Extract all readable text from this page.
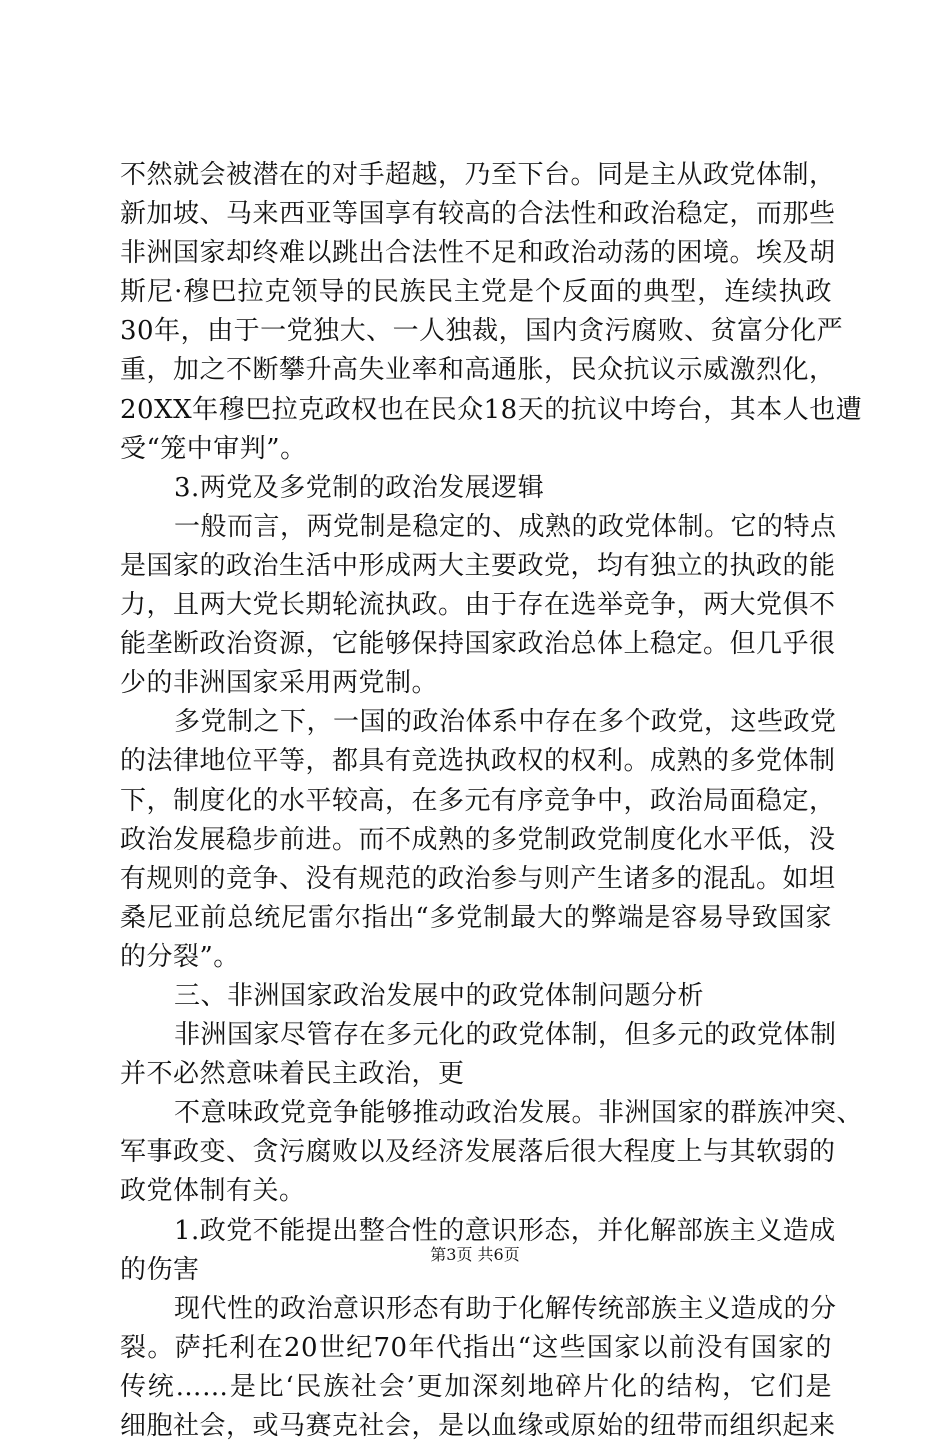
不然就会被潜在的对手超越，乃至下台。同是主从政党体制，
新加坡、马来西亚等国享有较高的合法性和政治稳定，而那些
非洲国家却终难以跳出合法性不足和政治动荡的困境。埃及胡
斯尼·穆巴拉克领导的民族民主党是个反面的典型，连续执政
30年，由于一党独大、一人独裁，国内贪污腐败、贫富分化严
重，加之不断攀升高失业率和高通胀，民众抗议示威激烈化，
20XX年穆巴拉克政权也在民众18天的抗议中垮台，其本人也遭
受“笼中审判”。
3.两党及多党制的政治发展逻辑
一般而言，两党制是稳定的、成熟的政党体制。它的特点
是国家的政治生活中形成两大主要政党，均有独立的执政的能
力，且两大党长期轮流执政。由于存在选举竞争，两大党俱不
能垄断政治资源，它能够保持国家政治总体上稳定。但几乎很
少的非洲国家采用两党制。
多党制之下，一国的政治体系中存在多个政党，这些政党
的法律地位平等，都具有竞选执政权的权利。成熟的多党体制
下，制度化的水平较高，在多元有序竞争中，政治局面稳定，
政治发展稳步前进。而不成熟的多党制政党制度化水平低，没
有规则的竞争、没有规范的政治参与则产生诸多的混乱。如坦
桑尼亚前总统尼雷尔指出“多党制最大的弊端是容易导致国家
的分裂”。
三、非洲国家政治发展中的政党体制问题分析
非洲国家尽管存在多元化的政党体制，但多元的政党体制
并不必然意味着民主政治，更
不意味政党竞争能够推动政治发展。非洲国家的群族冲突、
军事政变、贪污腐败以及经济发展落后很大程度上与其软弱的
政党体制有关。
1.政党不能提出整合性的意识形态，并化解部族主义造成
的伤害
现代性的政治意识形态有助于化解传统部族主义造成的分
裂。萨托利在20世纪70年代指出“这些国家以前没有国家的
传统……是比‘民族社会’更加深刻地碎片化的结构，它们是
细胞社会，或马赛克社会，是以血缘或原始的纽带而组织起来
第3页 共6页
